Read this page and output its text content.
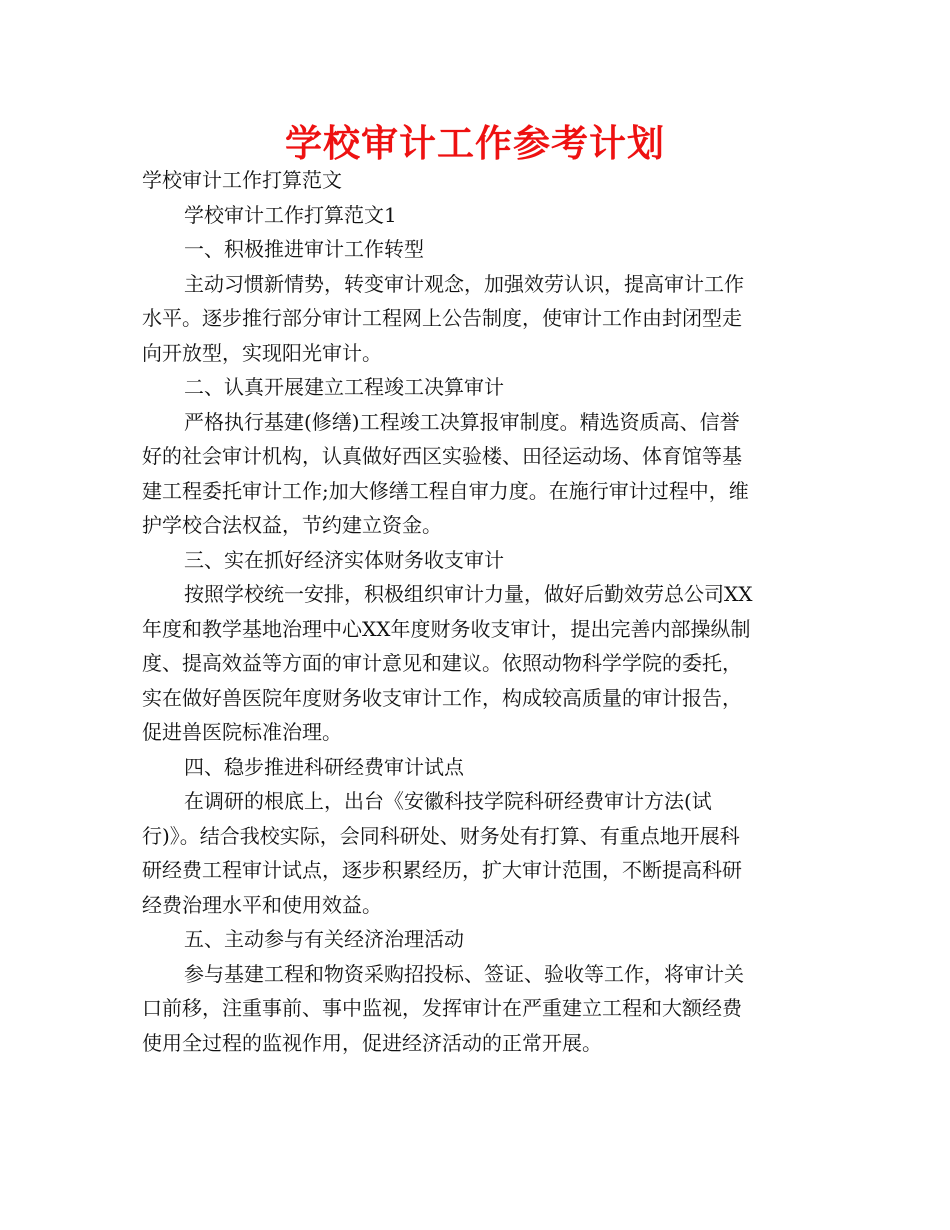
学校审计工作参考计划
学校审计工作打算范文
学校审计工作打算范文1
一、积极推进审计工作转型
主动习惯新情势，转变审计观念，加强效劳认识，提高审计工作
水平。逐步推行部分审计工程网上公告制度，使审计工作由封闭型走
向开放型，实现阳光审计。
二、认真开展建立工程竣工决算审计
严格执行基建(修缮)工程竣工决算报审制度。精选资质高、信誉
好的社会审计机构，认真做好西区实验楼、田径运动场、体育馆等基
建工程委托审计工作;加大修缮工程自审力度。在施行审计过程中，维
护学校合法权益，节约建立资金。
三、实在抓好经济实体财务收支审计
按照学校统一安排，积极组织审计力量，做好后勤效劳总公司XX
年度和教学基地治理中心XX年度财务收支审计，提出完善内部操纵制
度、提高效益等方面的审计意见和建议。依照动物科学学院的委托，
实在做好兽医院年度财务收支审计工作，构成较高质量的审计报告，
促进兽医院标准治理。
四、稳步推进科研经费审计试点
在调研的根底上，出台《安徽科技学院科研经费审计方法(试
行)》。结合我校实际，会同科研处、财务处有打算、有重点地开展科
研经费工程审计试点，逐步积累经历，扩大审计范围，不断提高科研
经费治理水平和使用效益。
五、主动参与有关经济治理活动
参与基建工程和物资采购招投标、签证、验收等工作，将审计关
口前移，注重事前、事中监视，发挥审计在严重建立工程和大额经费
使用全过程的监视作用，促进经济活动的正常开展。
